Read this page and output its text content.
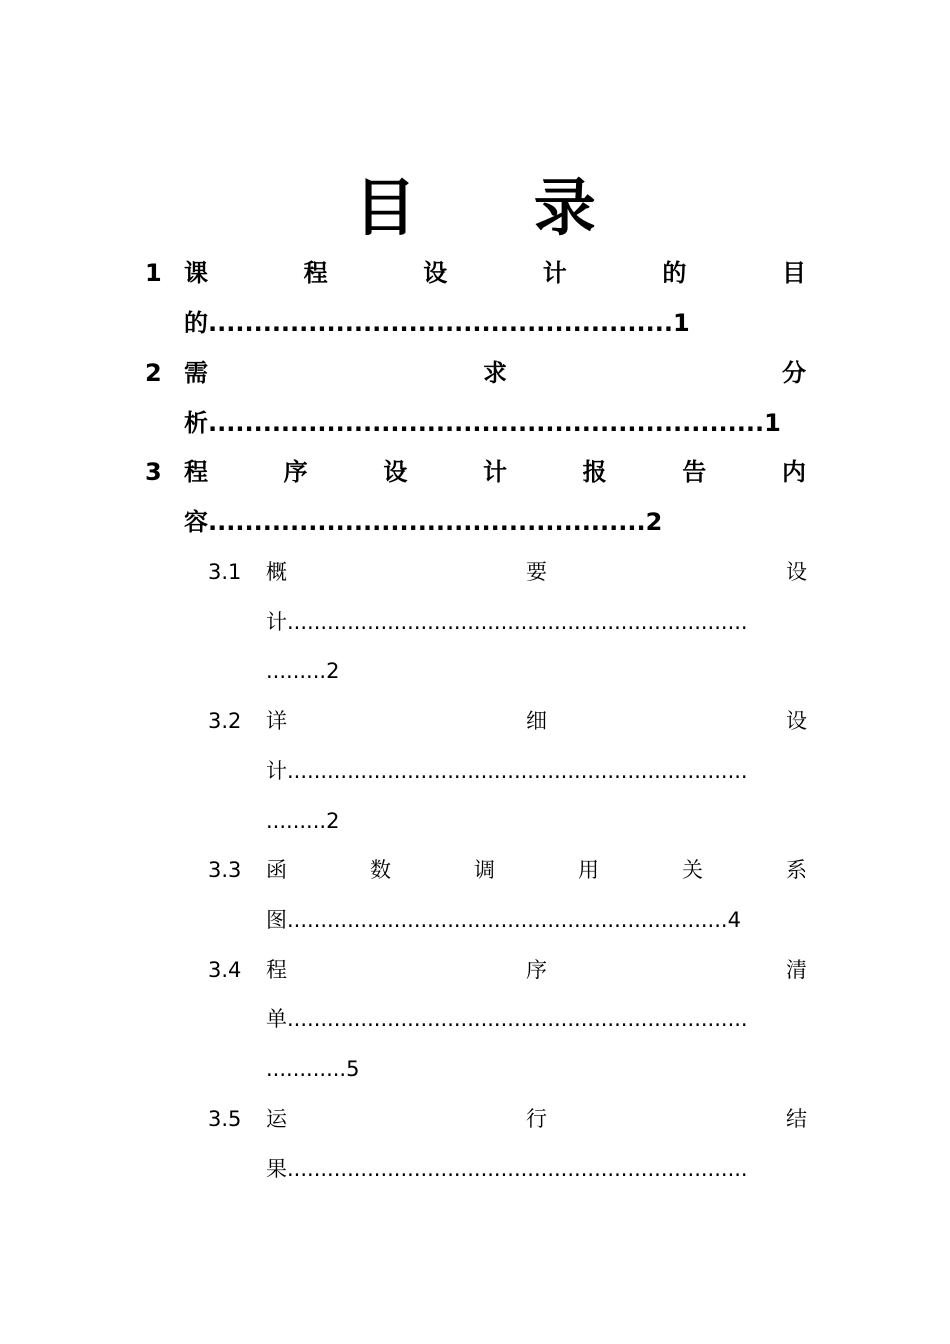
目 录
1 课	程	设	计	的	目
的...................................................1
2 需	求	分
析.............................................................1
3 程	序	设	计	报	告	内
容................................................2
3.1 概	要	设
计.....................................................................
.........2
3.2 详	细	设
计.....................................................................
.........2
3.3 函	数	调	用	关	系
图..................................................................4
3.4 程	序	清
单.....................................................................
............5
3.5 运	行	结
果.....................................................................
